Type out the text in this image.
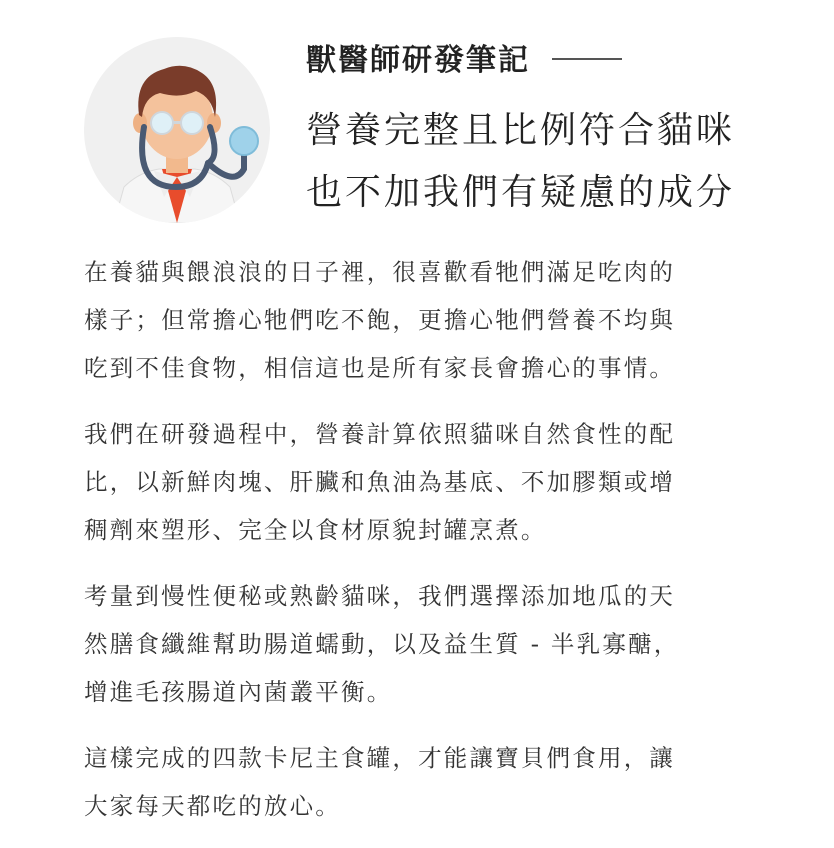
獸醫師研發筆記
營養完整且比例符合貓咪
也不加我們有疑慮的成分
在養貓與餵浪浪的日子裡，很喜歡看牠們滿足吃肉的
樣子；但常擔心牠們吃不飽，更擔心牠們營養不均與
吃到不佳食物，相信這也是所有家長會擔心的事情。
我們在研發過程中，營養計算依照貓咪自然食性的配
比，以新鮮肉塊、肝臟和魚油為基底、不加膠類或增
稠劑來塑形、完全以食材原貌封罐烹煮。
考量到慢性便秘或熟齡貓咪，我們選擇添加地瓜的天
然膳食纖維幫助腸道蠕動，以及益生質 - 半乳寡醣，
增進毛孩腸道內菌叢平衡。
這樣完成的四款卡尼主食罐，才能讓寶貝們食用，讓
大家每天都吃的放心。
